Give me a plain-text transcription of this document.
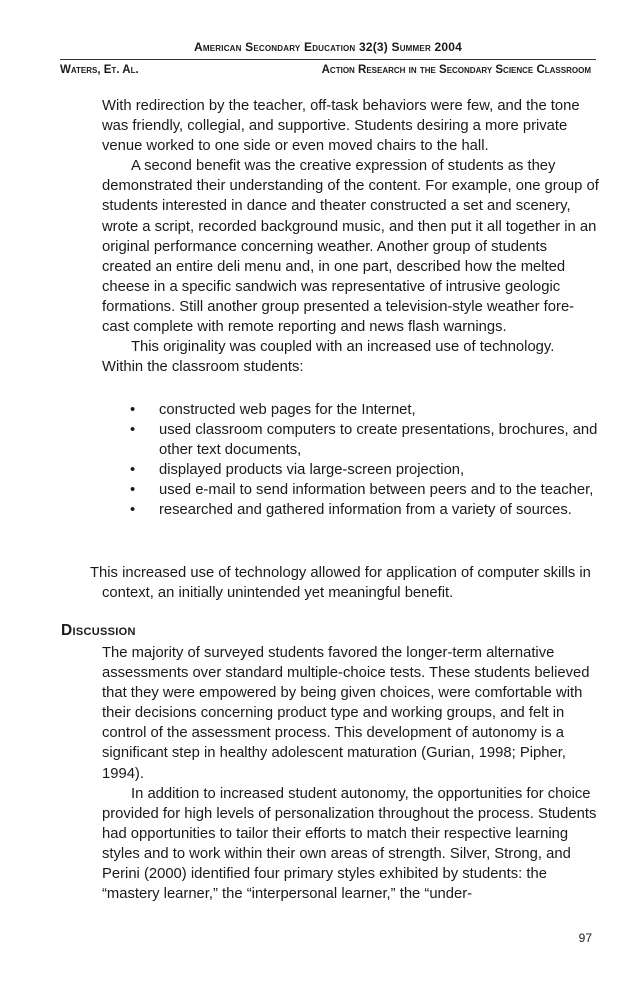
American Secondary Education 32(3) Summer 2004
Waters, Et. Al.	Action Research in the Secondary Science Classroom

With redirection by the teacher, off-task behaviors were few, and the tone was friendly, collegial, and supportive. Students desiring a more private venue worked to one side or even moved chairs to the hall.

A second benefit was the creative expression of students as they demonstrated their understanding of the content. For example, one group of students interested in dance and theater constructed a set and scenery, wrote a script, recorded background music, and then put it all together in an original performance concerning weather. Another group of students created an entire deli menu and, in one part, described how the melted cheese in a specific sandwich was representative of intrusive geologic formations. Still another group presented a television-style weather fore-cast complete with remote reporting and news flash warnings.

This originality was coupled with an increased use of technology. Within the classroom students:

• constructed web pages for the Internet,
• used classroom computers to create presentations, brochures, and other text documents,
• displayed products via large-screen projection,
• used e-mail to send information between peers and to the teacher,
• researched and gathered information from a variety of sources.

This increased use of technology allowed for application of computer skills in context, an initially unintended yet meaningful benefit.

Discussion

The majority of surveyed students favored the longer-term alternative assessments over standard multiple-choice tests. These students believed that they were empowered by being given choices, were comfortable with their decisions concerning product type and working groups, and felt in control of the assessment process. This development of autonomy is a significant step in healthy adolescent maturation (Gurian, 1998; Pipher, 1994).

In addition to increased student autonomy, the opportunities for choice provided for high levels of personalization throughout the process. Students had opportunities to tailor their efforts to match their respective learning styles and to work within their own areas of strength. Silver, Strong, and Perini (2000) identified four primary styles exhibited by students: the “mastery learner,” the “interpersonal learner,” the “under-

97
